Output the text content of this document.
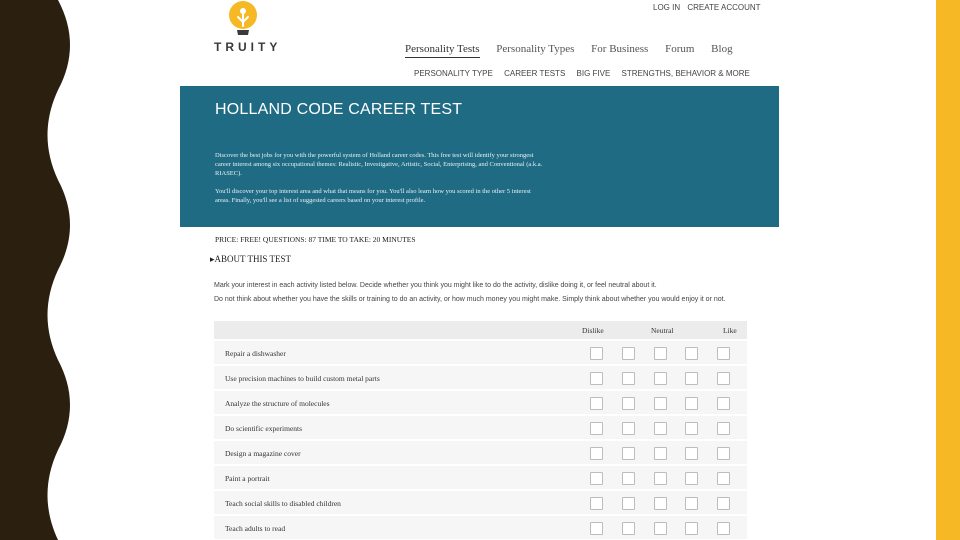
TRUITY
LOG IN CREATE ACCOUNT
Personality Tests Personality Types For Business Forum Blog
PERSONALITY TYPE CAREER TESTS BIG FIVE STRENGTHS, BEHAVIOR & MORE
HOLLAND CODE CAREER TEST

Discover the best jobs for you with the powerful system of Holland career codes. This free test will identify your strongest career interest among six occupational themes: Realistic, Investigative, Artistic, Social, Enterprising, and Conventional (a.k.a. RIASEC).

You'll discover your top interest area and what that means for you. You'll also learn how you scored in the other 5 interest areas. Finally, you'll see a list of suggested careers based on your interest profile.

PRICE: FREE! QUESTIONS: 87 TIME TO TAKE: 20 MINUTES
▸ABOUT THIS TEST

Mark your interest in each activity listed below. Decide whether you think you might like to do the activity, dislike doing it, or feel neutral about it.

Do not think about whether you have the skills or training to do an activity, or how much money you might make. Simply think about whether you would enjoy it or not.

Dislike	Neutral	Like
Repair a dishwasher
Use precision machines to build custom metal parts
Analyze the structure of molecules
Do scientific experiments
Design a magazine cover
Paint a portrait
Teach social skills to disabled children
Teach adults to read
